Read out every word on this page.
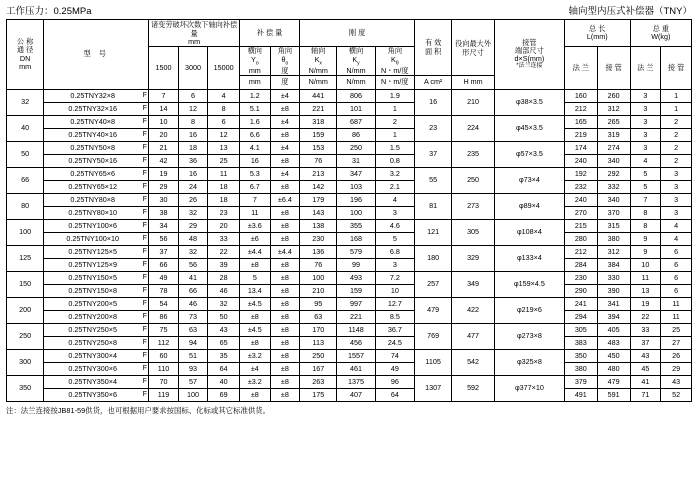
工作压力：0.25MPa	轴向型内压式补偿器（TNY）
公 称
通 径
DN
mm
	型 号	
诸变劳破坏次数下轴向补偿量
mm

补 偿 量	刚 度

有 效
面 积

役向最大外形尺寸

接管
端部尺寸
d×S(mm)
*法兰连接

总 长
L(mm)

总 重
W(kg)

1500	3000	15000	
横向
$Y_o$
mm

角向
$\theta_o$
度

轴向
$K_x$
N/mm

横向
$K_y$
N/mm

角向
$K_\theta$
N・m/度	法 兰	接 管	法 兰	接 管
					mm	度	N/mm	N/mm	N・m/度	A cm²	H mm					
32	0.25TNY32×8 F	7	6	4	1.2	±4	441	806	1.9	16	210	φ38×3.5	160	260	3	1

	0.25TNY32×16 F	14	12	8	5.1	±8	221	101	1				212	312	3	1
40	0.25TNY40×8 F	10	8	6	1.6	±4	318	687	2	23	224	φ45×3.5	165	265	3	2

	0.25TNY40×16 F	20	16	12	6.6	±8	159	86	1				219	319	3	2
50	0.25TNY50×8 F	21	18	13	4.1	±4	153	250	1.5	37	235	φ57×3.5	174	274	3	2

	0.25TNY50×16 F	42	36	25	16	±8	76	31	0.8				240	340	4	2
66	0.25TNY65×6 F	19	16	11	5.3	±4	213	347	3.2	55	250	φ73×4	192	292	5	3

	0.25TNY65×12 F	29	24	18	6.7	±8	142	103	2.1				232	332	5	3
80	0.25TNY80×8 F	30	26	18	7	±6.4	179	196	4	81	273	φ89×4	240	340	7	3

	0.25TNY80×10 F	38	32	23	11	±8	143	100	3				270	370	8	3
100	0.25TNY100×6 F	34	29	20	±3.6	±8	138	355	4.6	121	305	φ108×4	215	315	8	4

	0.25TNY100×10 F	56	48	33	±6	±8	230	168	5				280	380	9	4
125	0.25TNY125×5 F	37	32	22	±4.4	±4.4	136	579	6.8	180	329	φ133×4	212	312	9	6

	0.25TNY125×9 F	66	56	39	±8	±8	76	99	3				284	384	10	6
150	0.25TNY150×5 F	49	41	28	5	±8	100	493	7.2	257	349	φ159×4.5	230	330	11	6

	0.25TNY150×8 F	78	66	46	13.4	±8	210	159	10				290	390	13	6
200	0.25TNY200×5 F	54	46	32	±4.5	±8	95	997	12.7	479	422	φ219×6	241	341	19	11

	0.25TNY200×8 F	86	73	50	±8	±8	63	221	8.5				294	394	22	11
250	0.25TNY250×5 F	75	63	43	±4.5	±8	170	1148	36.7	769	477	φ273×8	305	405	33	25

	0.25TNY250×8 F	112	94	65	±8	±8	113	456	24.5				383	483	37	27
300	0.25TNY300×4 F	60	51	35	±3.2	±8	250	1557	74	1105	542	φ325×8	350	450	43	26

	0.25TNY300×6 F	110	93	64	±4	±8	167	461	49				380	480	45	29
350	0.25TNY350×4 F	70	57	40	±3.2	±8	263	1375	96	1307	592	φ377×10	379	479	41	43

	0.25TNY350×6 F	119	100	69	±8	±8	175	407	64				491	591	71	52
注：法兰连接按JB81-59供货，也可根据用户要求按国标、化标或其它标准供货。
